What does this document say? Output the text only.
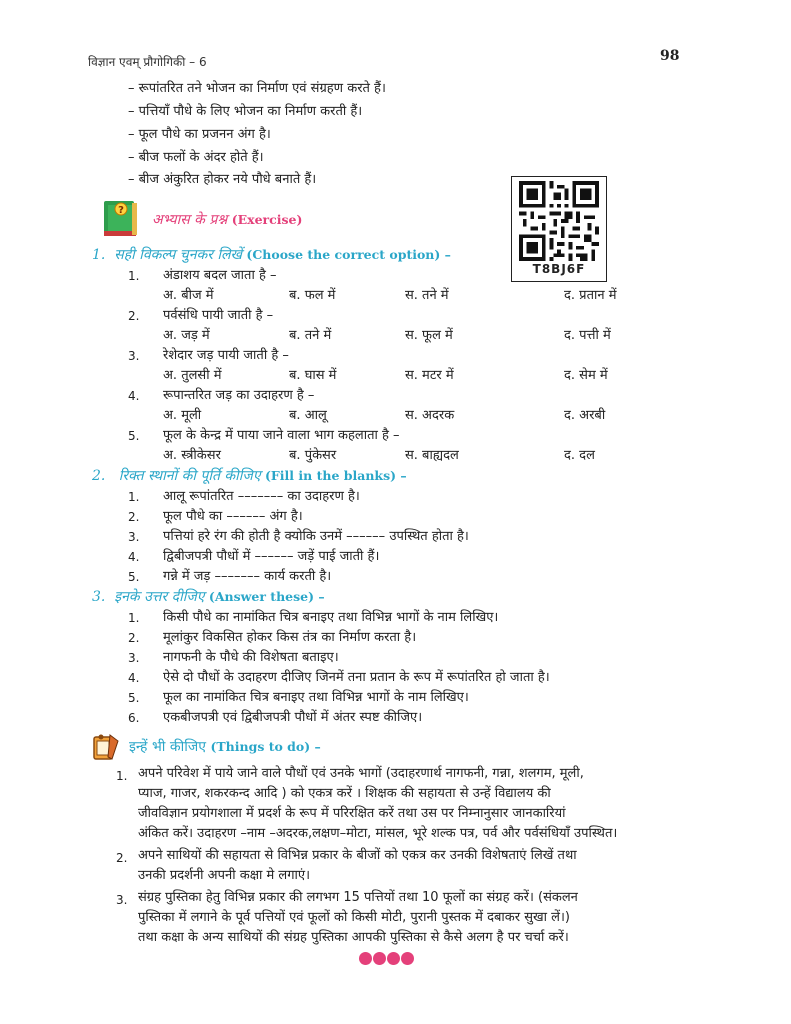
विज्ञान एवम् प्रौगोगिकी – 6	98
– रूपांतरित तने भोजन का निर्माण एवं संग्रहण करते हैं।
– पत्तियाँ पौधे के लिए भोजन का निर्माण करती हैं।
– फूल पौधे का प्रजनन अंग है।
– बीज फलों के अंदर होते हैं।
– बीज अंकुरित होकर नये पौधे बनाते हैं।
?
अभ्यास के प्रश्न (Exercise)
T8BJ6F
1. सही विकल्प चुनकर लिखें (Choose the correct option) –
1. अंडाशय बदल जाता है –
अ. बीज में	ब. फल में	स. तने में	द. प्रतान में
2. पर्वसंधि पायी जाती है –
अ. जड़ में	ब. तने में	स. फूल में	द. पत्ती में
3. रेशेदार जड़ पायी जाती है –
अ. तुलसी में	ब. घास में	स. मटर में	द. सेम में
4. रूपान्तरित जड़ का उदाहरण है –
अ. मूली	ब. आलू	स. अदरक	द. अरबी
5. फूल के केन्द्र में पाया जाने वाला भाग कहलाता है –
अ. स्त्रीकेसर	ब. पुंकेसर	स. बाह्यदल	द. दल
2. रिक्त स्थानों की पूर्ति कीजिए (Fill in the blanks) –
1. आलू रूपांतरित ––––––– का उदाहरण है।
2. फूल पौधे का –––––– अंग है।
3. पत्तियां हरे रंग की होती है क्योकि उनमें –––––– उपस्थित होता है।
4. द्विबीजपत्री पौधों में –––––– जड़ें पाई जाती हैं।
5. गन्ने में जड़ ––––––– कार्य करती है।
3. इनके उत्तर दीजिए (Answer these) –
1. किसी पौधे का नामांकित चित्र बनाइए तथा विभिन्न भागों के नाम लिखिए।
2. मूलांकुर विकसित होकर किस तंत्र का निर्माण करता है।
3. नागफनी के पौधे की विशेषता बताइए।
4. ऐसे दो पौधों के उदाहरण दीजिए जिनमें तना प्रतान के रूप में रूपांतरित हो जाता है।
5. फूल का नामांकित चित्र बनाइए तथा विभिन्न भागों के नाम लिखिए।
6. एकबीजपत्री एवं द्विबीजपत्री पौधों में अंतर स्पष्ट कीजिए।
इन्हें भी कीजिए (Things to do) –
1. अपने परिवेश में पाये जाने वाले पौधों एवं उनके भागों (उदाहरणार्थ नागफनी, गन्ना, शलगम, मूली,
प्याज, गाजर, शकरकन्द आदि ) को एकत्र करें । शिक्षक की सहायता से उन्हें विद्यालय की
जीवविज्ञान प्रयोगशाला में प्रदर्श के रूप में परिरक्षित करें तथा उस पर निम्नानुसार जानकारियां
अंकित करें। उदाहरण –नाम –अदरक,लक्षण–मोटा, मांसल, भूरे शल्क पत्र, पर्व और पर्वसंधियाँ उपस्थित।
2. अपने साथियों की सहायता से विभिन्न प्रकार के बीजों को एकत्र कर उनकी विशेषताएं लिखें तथा
उनकी प्रदर्शनी अपनी कक्षा मे लगाएं।
3. संग्रह पुस्तिका हेतु विभिन्न प्रकार की लगभग 15 पत्तियों तथा 10 फूलों का संग्रह करें। (संकलन
पुस्तिका में लगाने के पूर्व पत्तियों एवं फूलों को किसी मोटी, पुरानी पुस्तक में दबाकर सुखा लें।)
तथा कक्षा के अन्य साथियों की संग्रह पुस्तिका आपकी पुस्तिका से कैसे अलग है पर चर्चा करें।
